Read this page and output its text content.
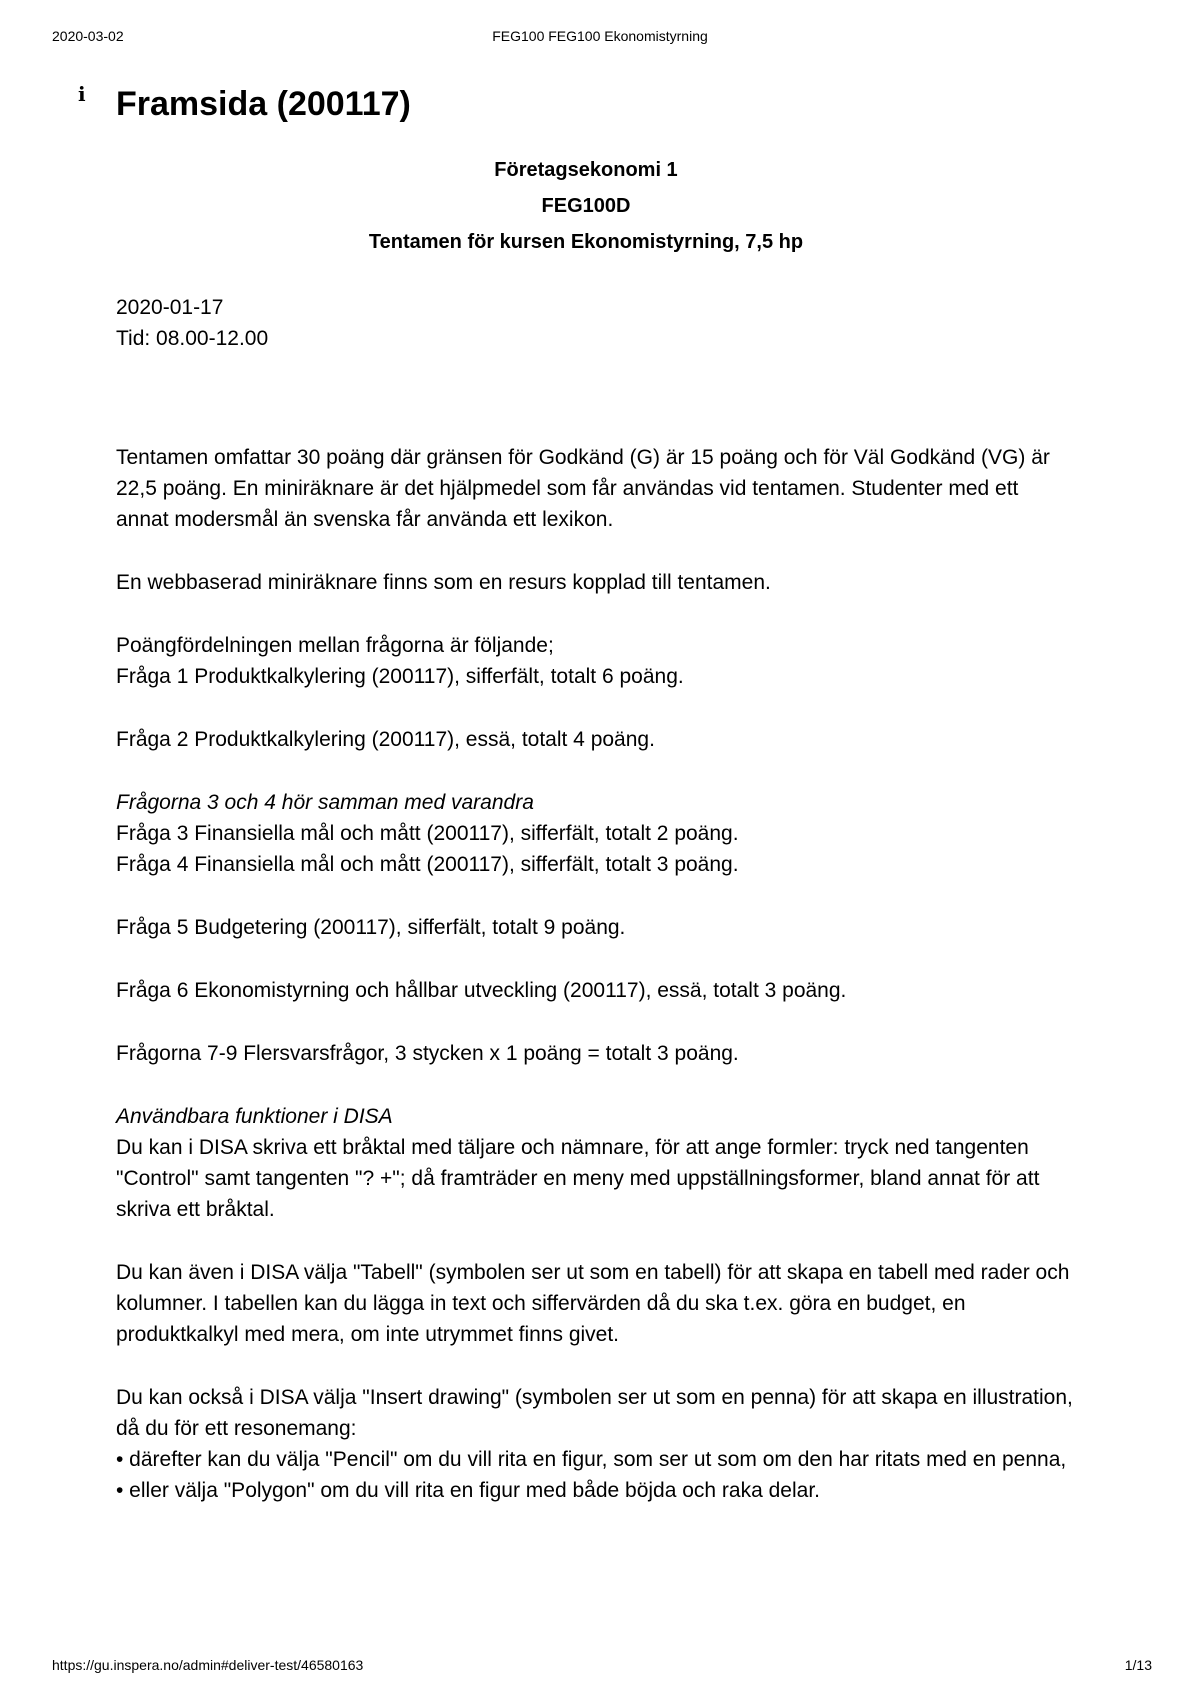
2020-03-02	FEG100 FEG100 Ekonomistyrning
i Framsida (200117)
Företagsekonomi 1
FEG100D
Tentamen för kursen Ekonomistyrning, 7,5 hp

2020-01-17

Tid: 08.00-12.00

Tentamen omfattar 30 poäng där gränsen för Godkänd (G) är 15 poäng och för Väl Godkänd (VG) är 22,5 poäng. En miniräknare är det hjälpmedel som får användas vid tentamen. Studenter med ett annat modersmål än svenska får använda ett lexikon.

En webbaserad miniräknare finns som en resurs kopplad till tentamen.

Poängfördelningen mellan frågorna är följande;

Fråga 1 Produktkalkylering (200117), sifferfält, totalt 6 poäng.

Fråga 2 Produktkalkylering (200117), essä, totalt 4 poäng.

Frågorna 3 och 4 hör samman med varandra

Fråga 3 Finansiella mål och mått (200117), sifferfält, totalt 2 poäng.

Fråga 4 Finansiella mål och mått (200117), sifferfält, totalt 3 poäng.

Fråga 5 Budgetering (200117), sifferfält, totalt 9 poäng.

Fråga 6 Ekonomistyrning och hållbar utveckling (200117), essä, totalt 3 poäng.

Frågorna 7-9 Flersvarsfrågor, 3 stycken x 1 poäng = totalt 3 poäng.

Användbara funktioner i DISA

Du kan i DISA skriva ett bråktal med täljare och nämnare, för att ange formler: tryck ned tangenten "Control" samt tangenten "? +"; då framträder en meny med uppställningsformer, bland annat för att skriva ett bråktal.

Du kan även i DISA välja "Tabell" (symbolen ser ut som en tabell) för att skapa en tabell med rader och kolumner. I tabellen kan du lägga in text och siffervärden då du ska t.ex. göra en budget, en produktkalkyl med mera, om inte utrymmet finns givet.

Du kan också i DISA välja "Insert drawing" (symbolen ser ut som en penna) för att skapa en illustration, då du för ett resonemang:

• därefter kan du välja "Pencil" om du vill rita en figur, som ser ut som om den har ritats med en penna,

• eller välja "Polygon" om du vill rita en figur med både böjda och raka delar.

https://gu.inspera.no/admin#deliver-test/46580163	1/13
